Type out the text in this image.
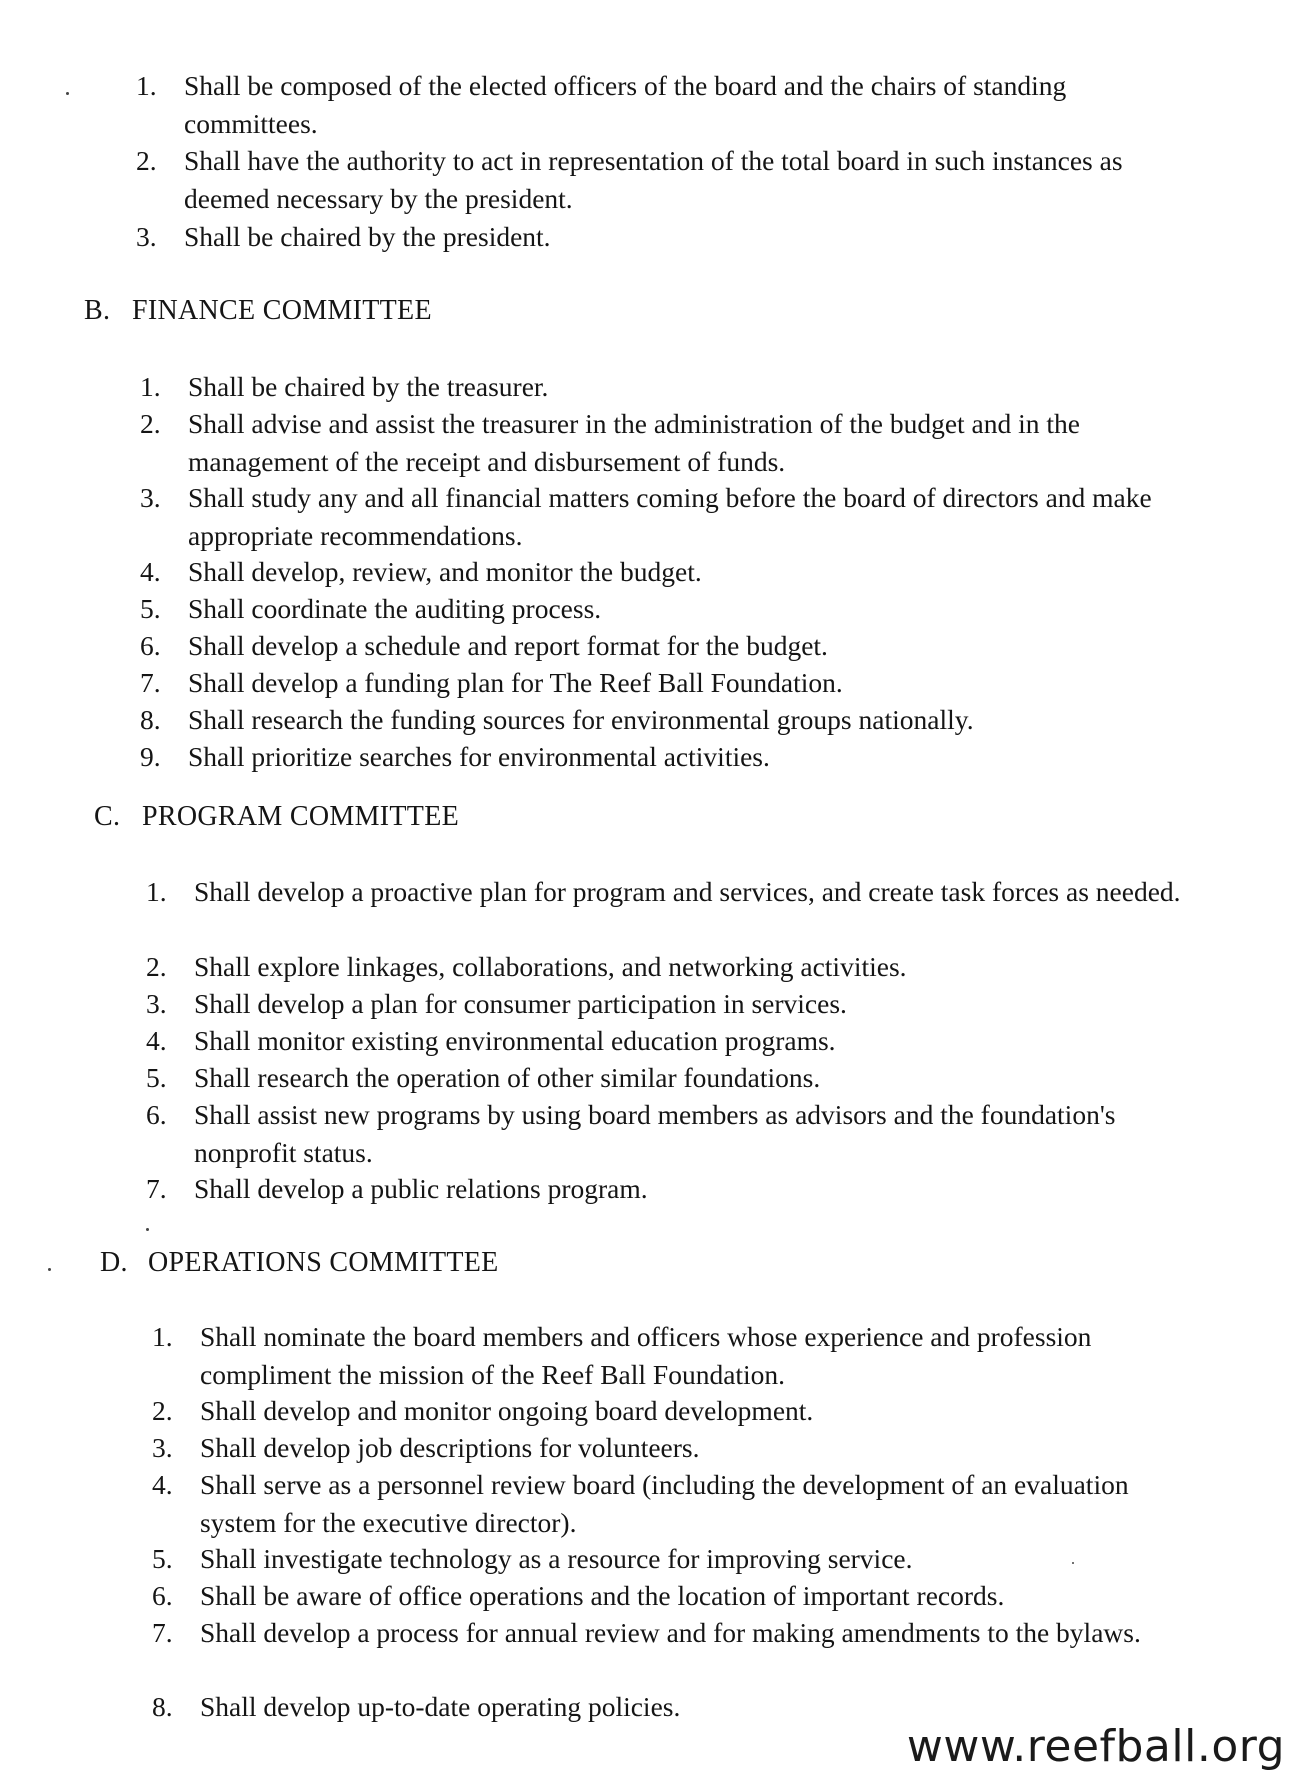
1. Shall be composed of the elected officers of the board and the chairs of standing committees.
2. Shall have the authority to act in representation of the total board in such instances as deemed necessary by the president.
3. Shall be chaired by the president.
B. FINANCE COMMITTEE
1. Shall be chaired by the treasurer.
2. Shall advise and assist the treasurer in the administration of the budget and in the management of the receipt and disbursement of funds.
3. Shall study any and all financial matters coming before the board of directors and make appropriate recommendations.
4. Shall develop, review, and monitor the budget.
5. Shall coordinate the auditing process.
6. Shall develop a schedule and report format for the budget.
7. Shall develop a funding plan for The Reef Ball Foundation.
8. Shall research the funding sources for environmental groups nationally.
9. Shall prioritize searches for environmental activities.
C. PROGRAM COMMITTEE
1. Shall develop a proactive plan for program and services, and create task forces as needed.
2. Shall explore linkages, collaborations, and networking activities.
3. Shall develop a plan for consumer participation in services.
4. Shall monitor existing environmental education programs.
5. Shall research the operation of other similar foundations.
6. Shall assist new programs by using board members as advisors and the foundation's nonprofit status.
7. Shall develop a public relations program.
D. OPERATIONS COMMITTEE
1. Shall nominate the board members and officers whose experience and profession compliment the mission of the Reef Ball Foundation.
2. Shall develop and monitor ongoing board development.
3. Shall develop job descriptions for volunteers.
4. Shall serve as a personnel review board (including the development of an evaluation system for the executive director).
5. Shall investigate technology as a resource for improving service.
6. Shall be aware of office operations and the location of important records.
7. Shall develop a process for annual review and for making amendments to the bylaws.
8. Shall develop up-to-date operating policies.
www.reefball.org
